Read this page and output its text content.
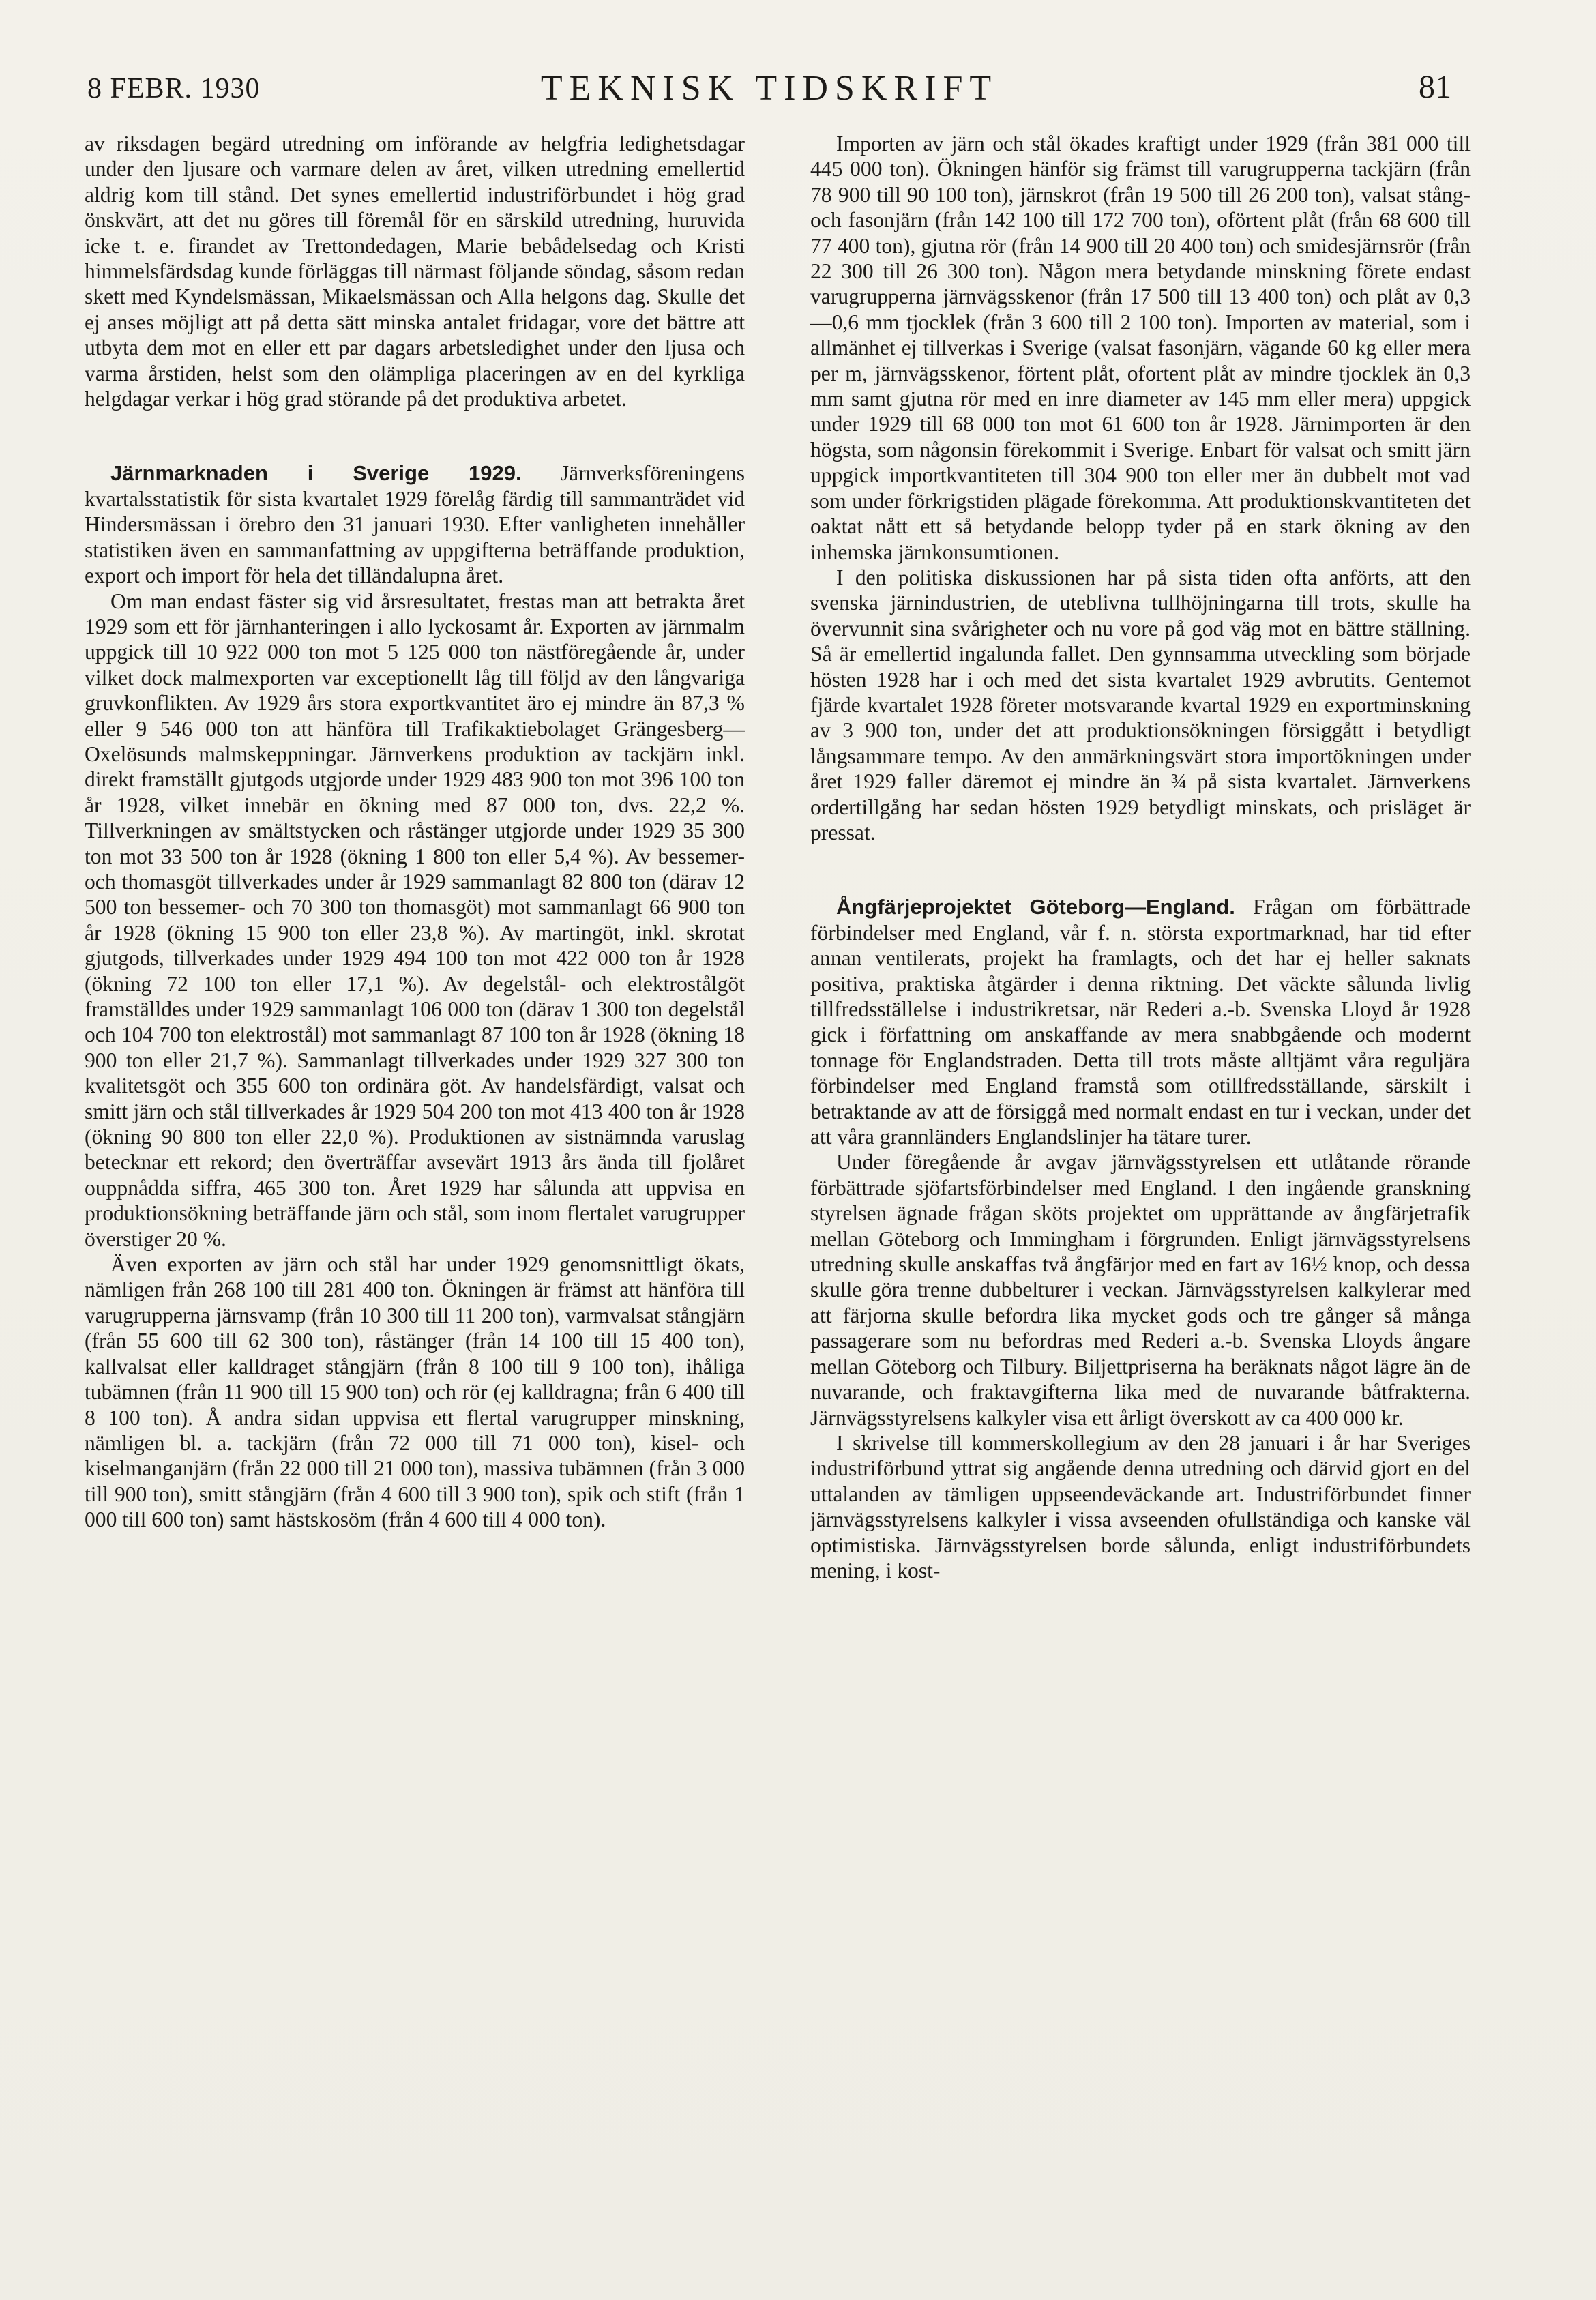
8 FEBR. 1930	TEKNISK TIDSKRIFT	81

av riksdagen begärd utredning om införande av helgfria ledighetsdagar under den ljusare och varmare delen av året, vilken utredning emellertid aldrig kom till stånd. Det synes emellertid industriförbundet i hög grad önskvärt, att det nu göres till föremål för en särskild utredning, huruvida icke t. e. firandet av Trettondedagen, Marie bebådelsedag och Kristi himmelsfärdsdag kunde förläggas till närmast följande söndag, såsom redan skett med Kyndelsmässan, Mikaelsmässan och Alla helgons dag. Skulle det ej anses möjligt att på detta sätt minska antalet fridagar, vore det bättre att utbyta dem mot en eller ett par dagars arbetsledighet under den ljusa och varma årstiden, helst som den olämpliga placeringen av en del kyrkliga helgdagar verkar i hög grad störande på det produktiva arbetet.

Järnmarknaden i Sverige 1929. Järnverksföreningens kvartalsstatistik för sista kvartalet 1929 förelåg färdig till sammanträdet vid Hindersmässan i örebro den 31 januari 1930. Efter vanligheten innehåller statistiken även en sammanfattning av uppgifterna beträffande produktion, export och import för hela det tilländalupna året.

Om man endast fäster sig vid årsresultatet, frestas man att betrakta året 1929 som ett för järnhanteringen i allo lyckosamt år. Exporten av järnmalm uppgick till 10 922 000 ton mot 5 125 000 ton nästföregående år, under vilket dock malmexporten var exceptionellt låg till följd av den långvariga gruvkonflikten. Av 1929 års stora exportkvantitet äro ej mindre än 87,3 % eller 9 546 000 ton att hänföra till Trafikaktiebolaget Grängesberg—Oxelösunds malmskeppningar. Järnverkens produktion av tackjärn inkl. direkt framställt gjutgods utgjorde under 1929 483 900 ton mot 396 100 ton år 1928, vilket innebär en ökning med 87 000 ton, dvs. 22,2 %. Tillverkningen av smältstycken och råstänger utgjorde under 1929 35 300 ton mot 33 500 ton år 1928 (ökning 1 800 ton eller 5,4 %). Av bessemer- och thomasgöt tillverkades under år 1929 sammanlagt 82 800 ton (därav 12 500 ton bessemer- och 70 300 ton thomasgöt) mot sammanlagt 66 900 ton år 1928 (ökning 15 900 ton eller 23,8 %). Av martingöt, inkl. skrotat gjutgods, tillverkades under 1929 494 100 ton mot 422 000 ton år 1928 (ökning 72 100 ton eller 17,1 %). Av degelstål- och elektrostålgöt framställdes under 1929 sammanlagt 106 000 ton (därav 1 300 ton degelstål och 104 700 ton elektrostål) mot sammanlagt 87 100 ton år 1928 (ökning 18 900 ton eller 21,7 %). Sammanlagt tillverkades under 1929 327 300 ton kvalitetsgöt och 355 600 ton ordinära göt. Av handelsfärdigt, valsat och smitt järn och stål tillverkades år 1929 504 200 ton mot 413 400 ton år 1928 (ökning 90 800 ton eller 22,0 %). Produktionen av sistnämnda varuslag betecknar ett rekord; den överträffar avsevärt 1913 års ända till fjolåret ouppnådda siffra, 465 300 ton. Året 1929 har sålunda att uppvisa en produktionsökning beträffande järn och stål, som inom flertalet varugrupper överstiger 20 %.

Även exporten av järn och stål har under 1929 genomsnittligt ökats, nämligen från 268 100 till 281 400 ton. Ökningen är främst att hänföra till varugrupperna järnsvamp (från 10 300 till 11 200 ton), varmvalsat stångjärn (från 55 600 till 62 300 ton), råstänger (från 14 100 till 15 400 ton), kallvalsat eller kalldraget stångjärn (från 8 100 till 9 100 ton), ihåliga tubämnen (från 11 900 till 15 900 ton) och rör (ej kalldragna; från 6 400 till 8 100 ton). Å andra sidan uppvisa ett flertal varugrupper minskning, nämligen bl. a. tackjärn (från 72 000 till 71 000 ton), kisel- och kiselmanganjärn (från 22 000 till 21 000 ton), massiva tubämnen (från 3 000 till 900 ton), smitt stångjärn (från 4 600 till 3 900 ton), spik och stift (från 1 000 till 600 ton) samt hästskosöm (från 4 600 till 4 000 ton).

Importen av järn och stål ökades kraftigt under 1929 (från 381 000 till 445 000 ton). Ökningen hänför sig främst till varugrupperna tackjärn (från 78 900 till 90 100 ton), järnskrot (från 19 500 till 26 200 ton), valsat stång- och fasonjärn (från 142 100 till 172 700 ton), oförtent plåt (från 68 600 till 77 400 ton), gjutna rör (från 14 900 till 20 400 ton) och smidesjärnsrör (från 22 300 till 26 300 ton). Någon mera betydande minskning förete endast varugrupperna järnvägsskenor (från 17 500 till 13 400 ton) och plåt av 0,3—0,6 mm tjocklek (från 3 600 till 2 100 ton). Importen av material, som i allmänhet ej tillverkas i Sverige (valsat fasonjärn, vägande 60 kg eller mera per m, järnvägsskenor, förtent plåt, ofortent plåt av mindre tjocklek än 0,3 mm samt gjutna rör med en inre diameter av 145 mm eller mera) uppgick under 1929 till 68 000 ton mot 61 600 ton år 1928. Järnimporten är den högsta, som någonsin förekommit i Sverige. Enbart för valsat och smitt järn uppgick importkvantiteten till 304 900 ton eller mer än dubbelt mot vad som under förkrigstiden plägade förekomma. Att produktionskvantiteten det oaktat nått ett så betydande belopp tyder på en stark ökning av den inhemska järnkonsumtionen.

I den politiska diskussionen har på sista tiden ofta anförts, att den svenska järnindustrien, de uteblivna tullhöjningarna till trots, skulle ha övervunnit sina svårigheter och nu vore på god väg mot en bättre ställning. Så är emellertid ingalunda fallet. Den gynnsamma utveckling som började hösten 1928 har i och med det sista kvartalet 1929 avbrutits. Gentemot fjärde kvartalet 1928 företer motsvarande kvartal 1929 en exportminskning av 3 900 ton, under det att produktionsökningen försiggått i betydligt långsammare tempo. Av den anmärkningsvärt stora importökningen under året 1929 faller däremot ej mindre än ¾ på sista kvartalet. Järnverkens ordertillgång har sedan hösten 1929 betydligt minskats, och prisläget är pressat.

Ångfärjeprojektet Göteborg—England. Frågan om förbättrade förbindelser med England, vår f. n. största exportmarknad, har tid efter annan ventilerats, projekt ha framlagts, och det har ej heller saknats positiva, praktiska åtgärder i denna riktning. Det väckte sålunda livlig tillfredsställelse i industrikretsar, när Rederi a.-b. Svenska Lloyd år 1928 gick i författning om anskaffande av mera snabbgående och modernt tonnage för Englandstraden. Detta till trots måste alltjämt våra reguljära förbindelser med England framstå som otillfredsställande, särskilt i betraktande av att de försiggå med normalt endast en tur i veckan, under det att våra grannländers Englandslinjer ha tätare turer.

Under föregående år avgav järnvägsstyrelsen ett utlåtande rörande förbättrade sjöfartsförbindelser med England. I den ingående granskning styrelsen ägnade frågan sköts projektet om upprättande av ångfärjetrafik mellan Göteborg och Immingham i förgrunden. Enligt järnvägsstyrelsens utredning skulle anskaffas två ångfärjor med en fart av 16½ knop, och dessa skulle göra trenne dubbelturer i veckan. Järnvägsstyrelsen kalkylerar med att färjorna skulle befordra lika mycket gods och tre gånger så många passagerare som nu befordras med Rederi a.-b. Svenska Lloyds ångare mellan Göteborg och Tilbury. Biljettpriserna ha beräknats något lägre än de nuvarande, och fraktavgifterna lika med de nuvarande båtfrakterna. Järnvägsstyrelsens kalkyler visa ett årligt överskott av ca 400 000 kr.

I skrivelse till kommerskollegium av den 28 januari i år har Sveriges industriförbund yttrat sig angående denna utredning och därvid gjort en del uttalanden av tämligen uppseendeväckande art. Industriförbundet finner järnvägsstyrelsens kalkyler i vissa avseenden ofullständiga och kanske väl optimistiska. Järnvägsstyrelsen borde sålunda, enligt industriförbundets mening, i kost-
